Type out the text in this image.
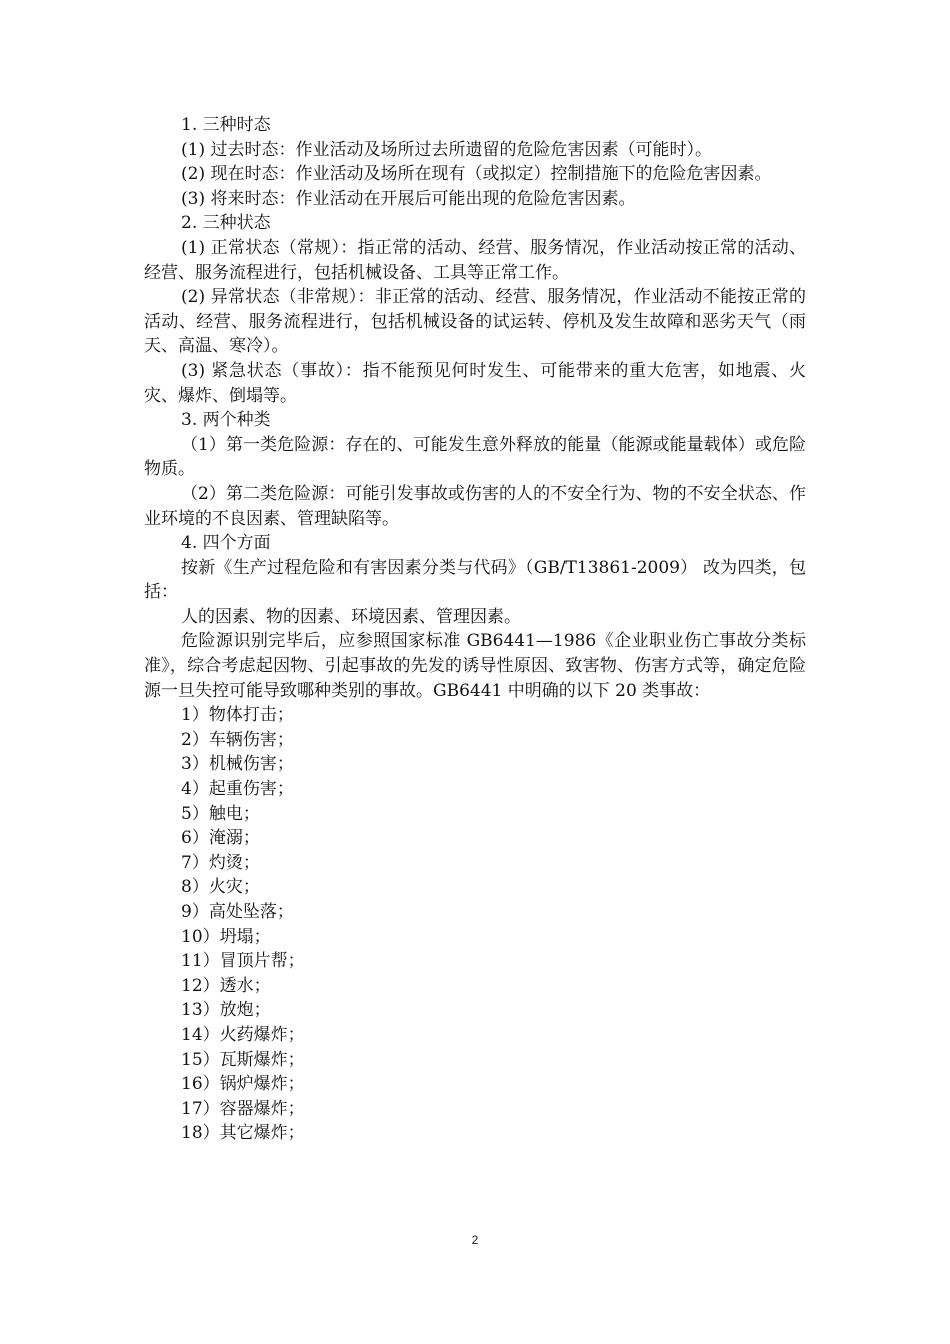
1. 三种时态

(1) 过去时态：作业活动及场所过去所遗留的危险危害因素（可能时）。

(2) 现在时态：作业活动及场所在现有（或拟定）控制措施下的危险危害因素。

(3) 将来时态：作业活动在开展后可能出现的危险危害因素。

2. 三种状态

(1) 正常状态（常规）：指正常的活动、经营、服务情况，作业活动按正常的活动、经营、服务流程进行，包括机械设备、工具等正常工作。

(2) 异常状态（非常规）：非正常的活动、经营、服务情况，作业活动不能按正常的活动、经营、服务流程进行，包括机械设备的试运转、停机及发生故障和恶劣天气（雨天、高温、寒冷）。

(3) 紧急状态（事故）：指不能预见何时发生、可能带来的重大危害，如地震、火灾、爆炸、倒塌等。

3. 两个种类

（1）第一类危险源：存在的、可能发生意外释放的能量（能源或能量载体）或危险物质。

（2）第二类危险源：可能引发事故或伤害的人的不安全行为、物的不安全状态、作业环境的不良因素、管理缺陷等。

4. 四个方面

按新《生产过程危险和有害因素分类与代码》（GB/T13861-2009） 改为四类，包括：

人的因素、物的因素、环境因素、管理因素。

危险源识别完毕后，应参照国家标准 GB6441—1986《企业职业伤亡事故分类标准》，综合考虑起因物、引起事故的先发的诱导性原因、致害物、伤害方式等，确定危险源一旦失控可能导致哪种类别的事故。GB6441 中明确的以下 20 类事故：

1）物体打击；

2）车辆伤害；

3）机械伤害；

4）起重伤害；

5）触电；

6）淹溺；

7）灼烫；

8）火灾；

9）高处坠落；

10）坍塌；

11）冒顶片帮；

12）透水；

13）放炮；

14）火药爆炸；

15）瓦斯爆炸；

16）锅炉爆炸；

17）容器爆炸；

18）其它爆炸；

2
